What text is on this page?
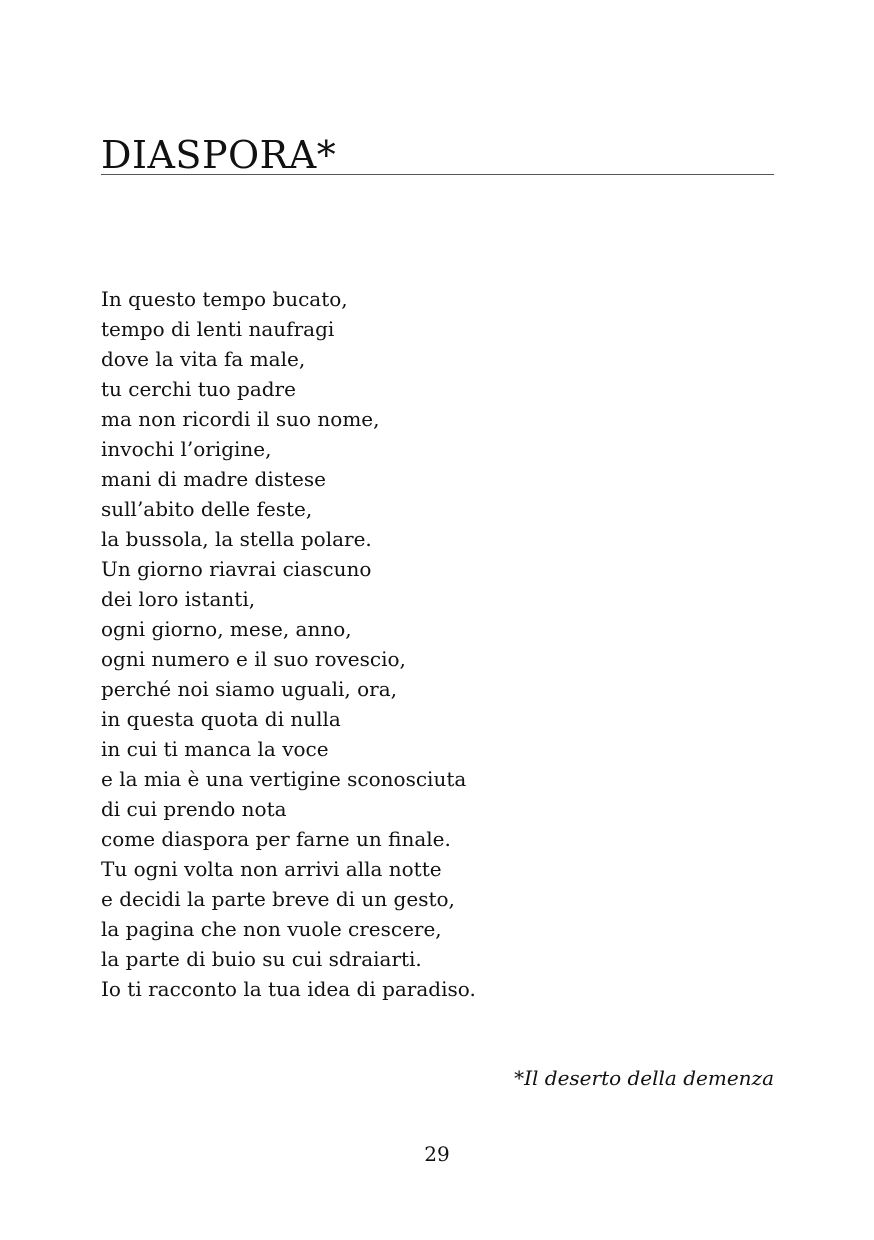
DIASPORA*
In questo tempo bucato,
tempo di lenti naufragi
dove la vita fa male,
tu cerchi tuo padre
ma non ricordi il suo nome,
invochi l’origine,
mani di madre distese
sull’abito delle feste,
la bussola, la stella polare.
Un giorno riavrai ciascuno
dei loro istanti,
ogni giorno, mese, anno,
ogni numero e il suo rovescio,
perché noi siamo uguali, ora,
in questa quota di nulla
in cui ti manca la voce
e la mia è una vertigine sconosciuta
di cui prendo nota
come diaspora per farne un finale.
Tu ogni volta non arrivi alla notte
e decidi la parte breve di un gesto,
la pagina che non vuole crescere,
la parte di buio su cui sdraiarti.
Io ti racconto la tua idea di paradiso.
*Il deserto della demenza
29
